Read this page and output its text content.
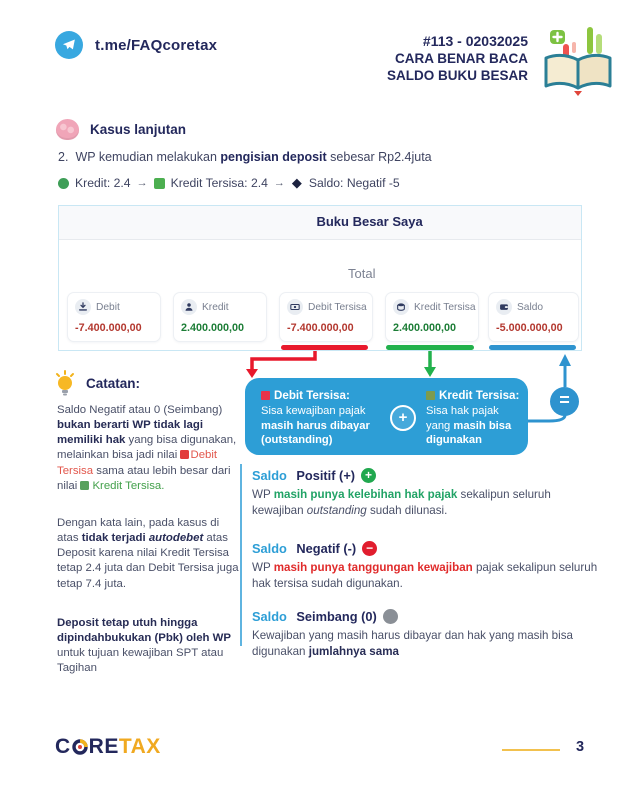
t.me/FAQcoretax	#113 - 02032025
CARA BENAR BACA
SALDO BUKU BESAR
Kasus lanjutan
2. WP kemudian melakukan pengisian deposit sebesar Rp2.4juta
Kredit: 2.4 → Kredit Tersisa: 2.4 → ◆ Saldo: Negatif -5
Buku Besar Saya
Total
Debit
-7.400.000,00
Kredit
2.400.000,00
Debit Tersisa
-7.400.000,00
Kredit Tersisa
2.400.000,00
Saldo
-5.000.000,00
Debit Tersisa:
Sisa kewajiban pajak
masih harus dibayar
(outstanding)
+
Kredit Tersisa:
Sisa hak pajak
yang masih bisa
digunakan
=
Catatan:
Saldo Negatif atau 0 (Seimbang) bukan berarti WP tidak lagi memiliki hak yang bisa digunakan, melainkan bisa jadi nilai Debit Tersisa sama atau lebih besar dari nilai Kredit Tersisa.
Dengan kata lain, pada kasus di atas tidak terjadi autodebet atas Deposit karena nilai Kredit Tersisa tetap 2.4 juta dan Debit Tersisa juga tetap 7.4 juta.
Deposit tetap utuh hingga dipindahbukukan (Pbk) oleh WP untuk tujuan kewajiban SPT atau Tagihan
Saldo Positif (+) +
WP masih punya kelebihan hak pajak sekalipun seluruh kewajiban outstanding sudah dilunasi.
Saldo Negatif (-) −
WP masih punya tanggungan kewajiban pajak sekalipun seluruh hak tersisa sudah digunakan.
Saldo Seimbang (0)
Kewajiban yang masih harus dibayar dan hak yang masih bisa digunakan jumlahnya sama
C RE TAX	3
